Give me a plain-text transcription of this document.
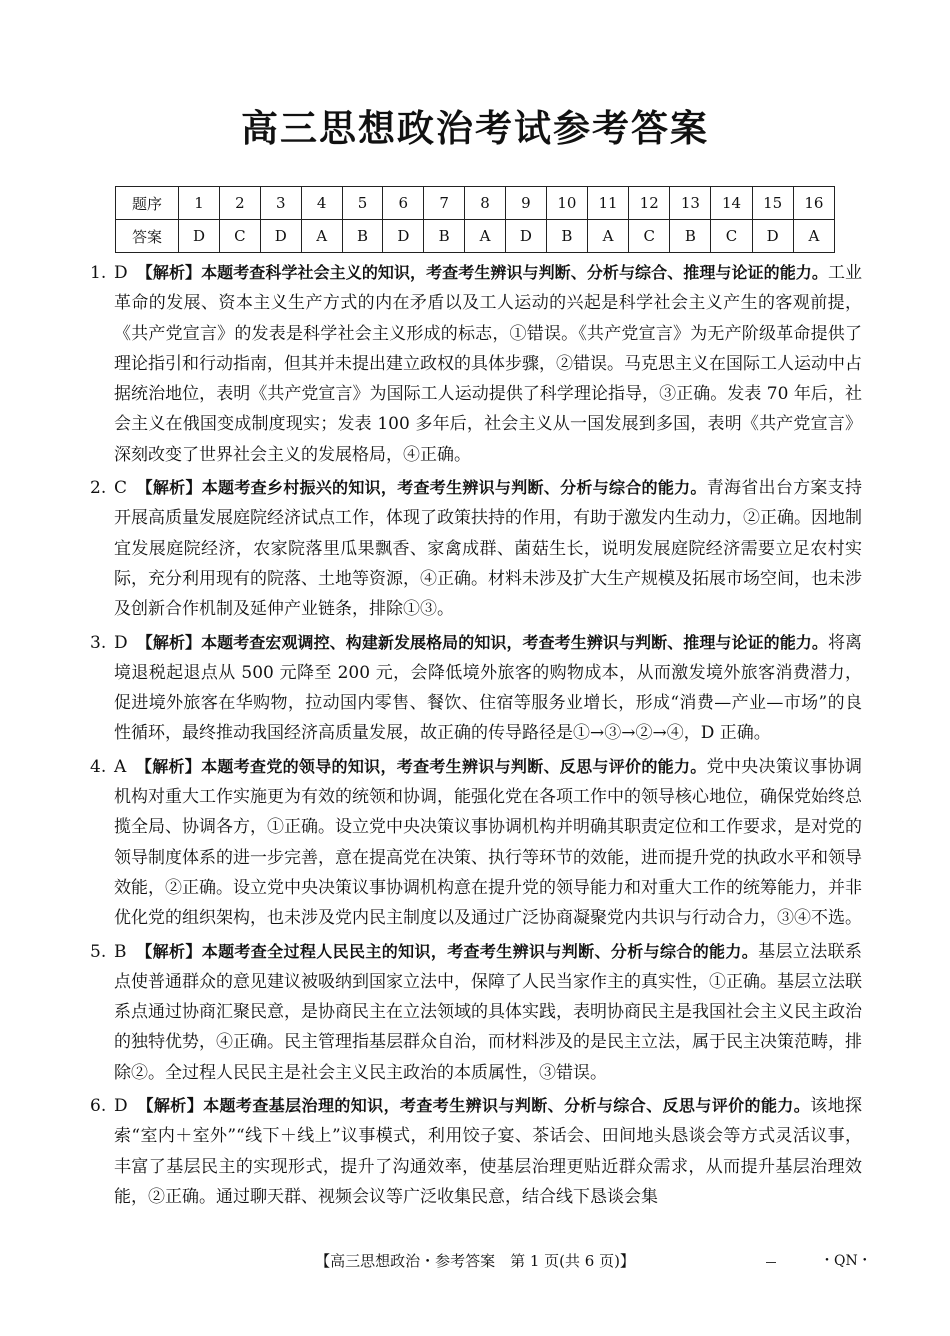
高三思想政治考试参考答案
题序	1	2	3	4	5	6	7	8	9	10	11	12	13	14	15	16
答案	D	C	D	A	B	D	B	A	D	B	A	C	B	C	D	A

1. D　 【解析】本题考查科学社会主义的知识，考查考生辨识与判断、分析与综合、推理与论证的能力。工业革命的发展、资本主义生产方式的内在矛盾以及工人运动的兴起是科学社会主义产生的客观前提，《共产党宣言》的发表是科学社会主义形成的标志，①错误。《共产党宣言》为无产阶级革命提供了理论指引和行动指南，但其并未提出建立政权的具体步骤，②错误。马克思主义在国际工人运动中占据统治地位，表明《共产党宣言》为国际工人运动提供了科学理论指导，③正确。发表 70 年后，社会主义在俄国变成制度现实；发表 100 多年后，社会主义从一国发展到多国，表明《共产党宣言》深刻改变了世界社会主义的发展格局，④正确。

2. C　 【解析】本题考查乡村振兴的知识，考查考生辨识与判断、分析与综合的能力。青海省出台方案支持开展高质量发展庭院经济试点工作，体现了政策扶持的作用，有助于激发内生动力，②正确。因地制宜发展庭院经济，农家院落里瓜果飘香、家禽成群、菌菇生长，说明发展庭院经济需要立足农村实际，充分利用现有的院落、土地等资源，④正确。材料未涉及扩大生产规模及拓展市场空间，也未涉及创新合作机制及延伸产业链条，排除①③。

3. D　 【解析】本题考查宏观调控、构建新发展格局的知识，考查考生辨识与判断、推理与论证的能力。将离境退税起退点从 500 元降至 200 元，会降低境外旅客的购物成本，从而激发境外旅客消费潜力，促进境外旅客在华购物，拉动国内零售、餐饮、住宿等服务业增长，形成“消费—产业—市场”的良性循环，最终推动我国经济高质量发展，故正确的传导路径是①→③→②→④，D 正确。

4. A　 【解析】本题考查党的领导的知识，考查考生辨识与判断、反思与评价的能力。党中央决策议事协调机构对重大工作实施更为有效的统领和协调，能强化党在各项工作中的领导核心地位，确保党始终总揽全局、协调各方，①正确。设立党中央决策议事协调机构并明确其职责定位和工作要求，是对党的领导制度体系的进一步完善，意在提高党在决策、执行等环节的效能，进而提升党的执政水平和领导效能，②正确。设立党中央决策议事协调机构意在提升党的领导能力和对重大工作的统筹能力，并非优化党的组织架构，也未涉及党内民主制度以及通过广泛协商凝聚党内共识与行动合力，③④不选。

5. B　 【解析】本题考查全过程人民民主的知识，考查考生辨识与判断、分析与综合的能力。基层立法联系点使普通群众的意见建议被吸纳到国家立法中，保障了人民当家作主的真实性，①正确。基层立法联系点通过协商汇聚民意，是协商民主在立法领域的具体实践，表明协商民主是我国社会主义民主政治的独特优势，④正确。民主管理指基层群众自治，而材料涉及的是民主立法，属于民主决策范畴，排除②。全过程人民民主是社会主义民主政治的本质属性，③错误。

6. D　 【解析】本题考查基层治理的知识，考查考生辨识与判断、分析与综合、反思与评价的能力。该地探索“室内＋室外”“线下＋线上”议事模式，利用饺子宴、茶话会、田间地头恳谈会等方式灵活议事，丰富了基层民主的实现形式，提升了沟通效率，使基层治理更贴近群众需求，从而提升基层治理效能，②正确。通过聊天群、视频会议等广泛收集民意，结合线下恳谈会集

【高三思想政治・参考答案　第 1 页(共 6 页)】	・QN・
